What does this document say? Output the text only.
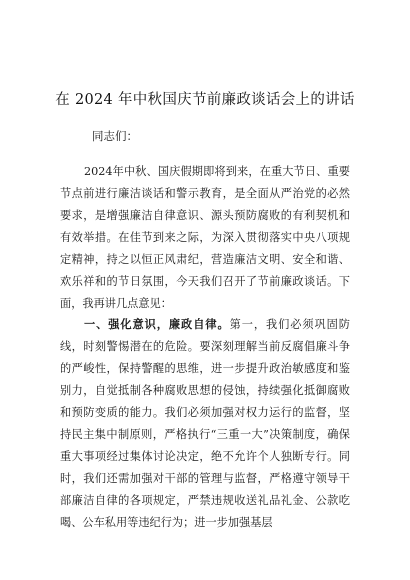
在 2024 年中秋国庆节前廉政谈话会上的讲话
同志们：

2024年中秋、国庆假期即将到来，在重大节日、重要节点前进行廉洁谈话和警示教育，是全面从严治党的必然要求，是增强廉洁自律意识、源头预防腐败的有利契机和有效举措。在佳节到来之际，为深入贯彻落实中央八项规定精神，持之以恒正风肃纪，营造廉洁文明、安全和谐、欢乐祥和的节日氛围，今天我们召开了节前廉政谈话。下面，我再讲几点意见：

一、强化意识，廉政自律。第一，我们必须巩固防线，时刻警惕潜在的危险。要深刻理解当前反腐倡廉斗争的严峻性，保持警醒的思维，进一步提升政治敏感度和鉴别力，自觉抵制各种腐败思想的侵蚀，持续强化抵御腐败和预防变质的能力。我们必须加强对权力运行的监督，坚持民主集中制原则，严格执行“三重一大”决策制度，确保重大事项经过集体讨论决定，绝不允许个人独断专行。同时，我们还需加强对干部的管理与监督，严格遵守领导干部廉洁自律的各项规定，严禁违规收送礼品礼金、公款吃喝、公车私用等违纪行为；进一步加强基层
